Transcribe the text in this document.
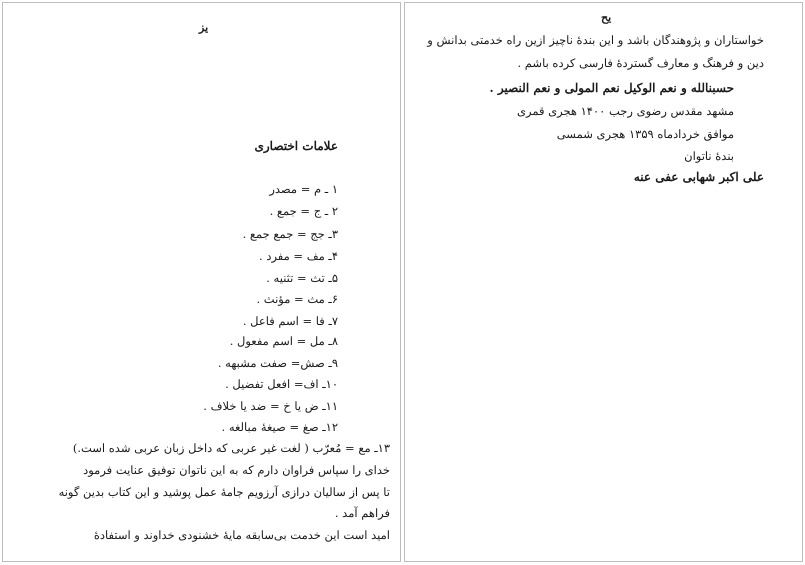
یز
علامات اختصاری
۱ ـ م = مصدر
۲ ـ ج = جمع .
۳ـ جج = جمع جمع .
۴ـ مف = مفرد .
۵ـ تث = تثنیه .
۶ـ مث = مؤنث .
۷ـ فا = اسم فاعل .
۸ـ مل = اسم مفعول .
۹ـ صش= صفت مشبهه .
۱۰ـ اف= افعل تفضیل .
۱۱ـ ض یا خ = ضد یا خلاف .
۱۲ـ صغ = صیغهٔ مبالغه .
۱۳ـ مع = مُعرّب ( لغت غیر عربی که داخل زبان عربی شده است.)
خدای را سپاس فراوان دارم که به این ناتوان توفیق عنایت فرمود
تا پس از سالیان درازی آرزویم جامهٔ عمل پوشید و این کتاب بدین گونه
فراهم آمد .
امید است این خدمت بی‌سابقه مایهٔ خشنودی خداوند و استفادهٔ
یح
خواستاران و پژوهندگان باشد و این بندهٔ ناچیز ازین راه خدمتی بدانش و
دین و فرهنگ و معارف گستردهٔ فارسی کرده باشم .
حسبنالله و نعم الوکیل نعم المولی و نعم النصیر .
مشهد مقدس رضوی رجب ۱۴۰۰ هجری قمری
موافق خردادماه ۱۳۵۹ هجری شمسی
بندهٔ ناتوان
علی اکبر شهابی عفی عنه
